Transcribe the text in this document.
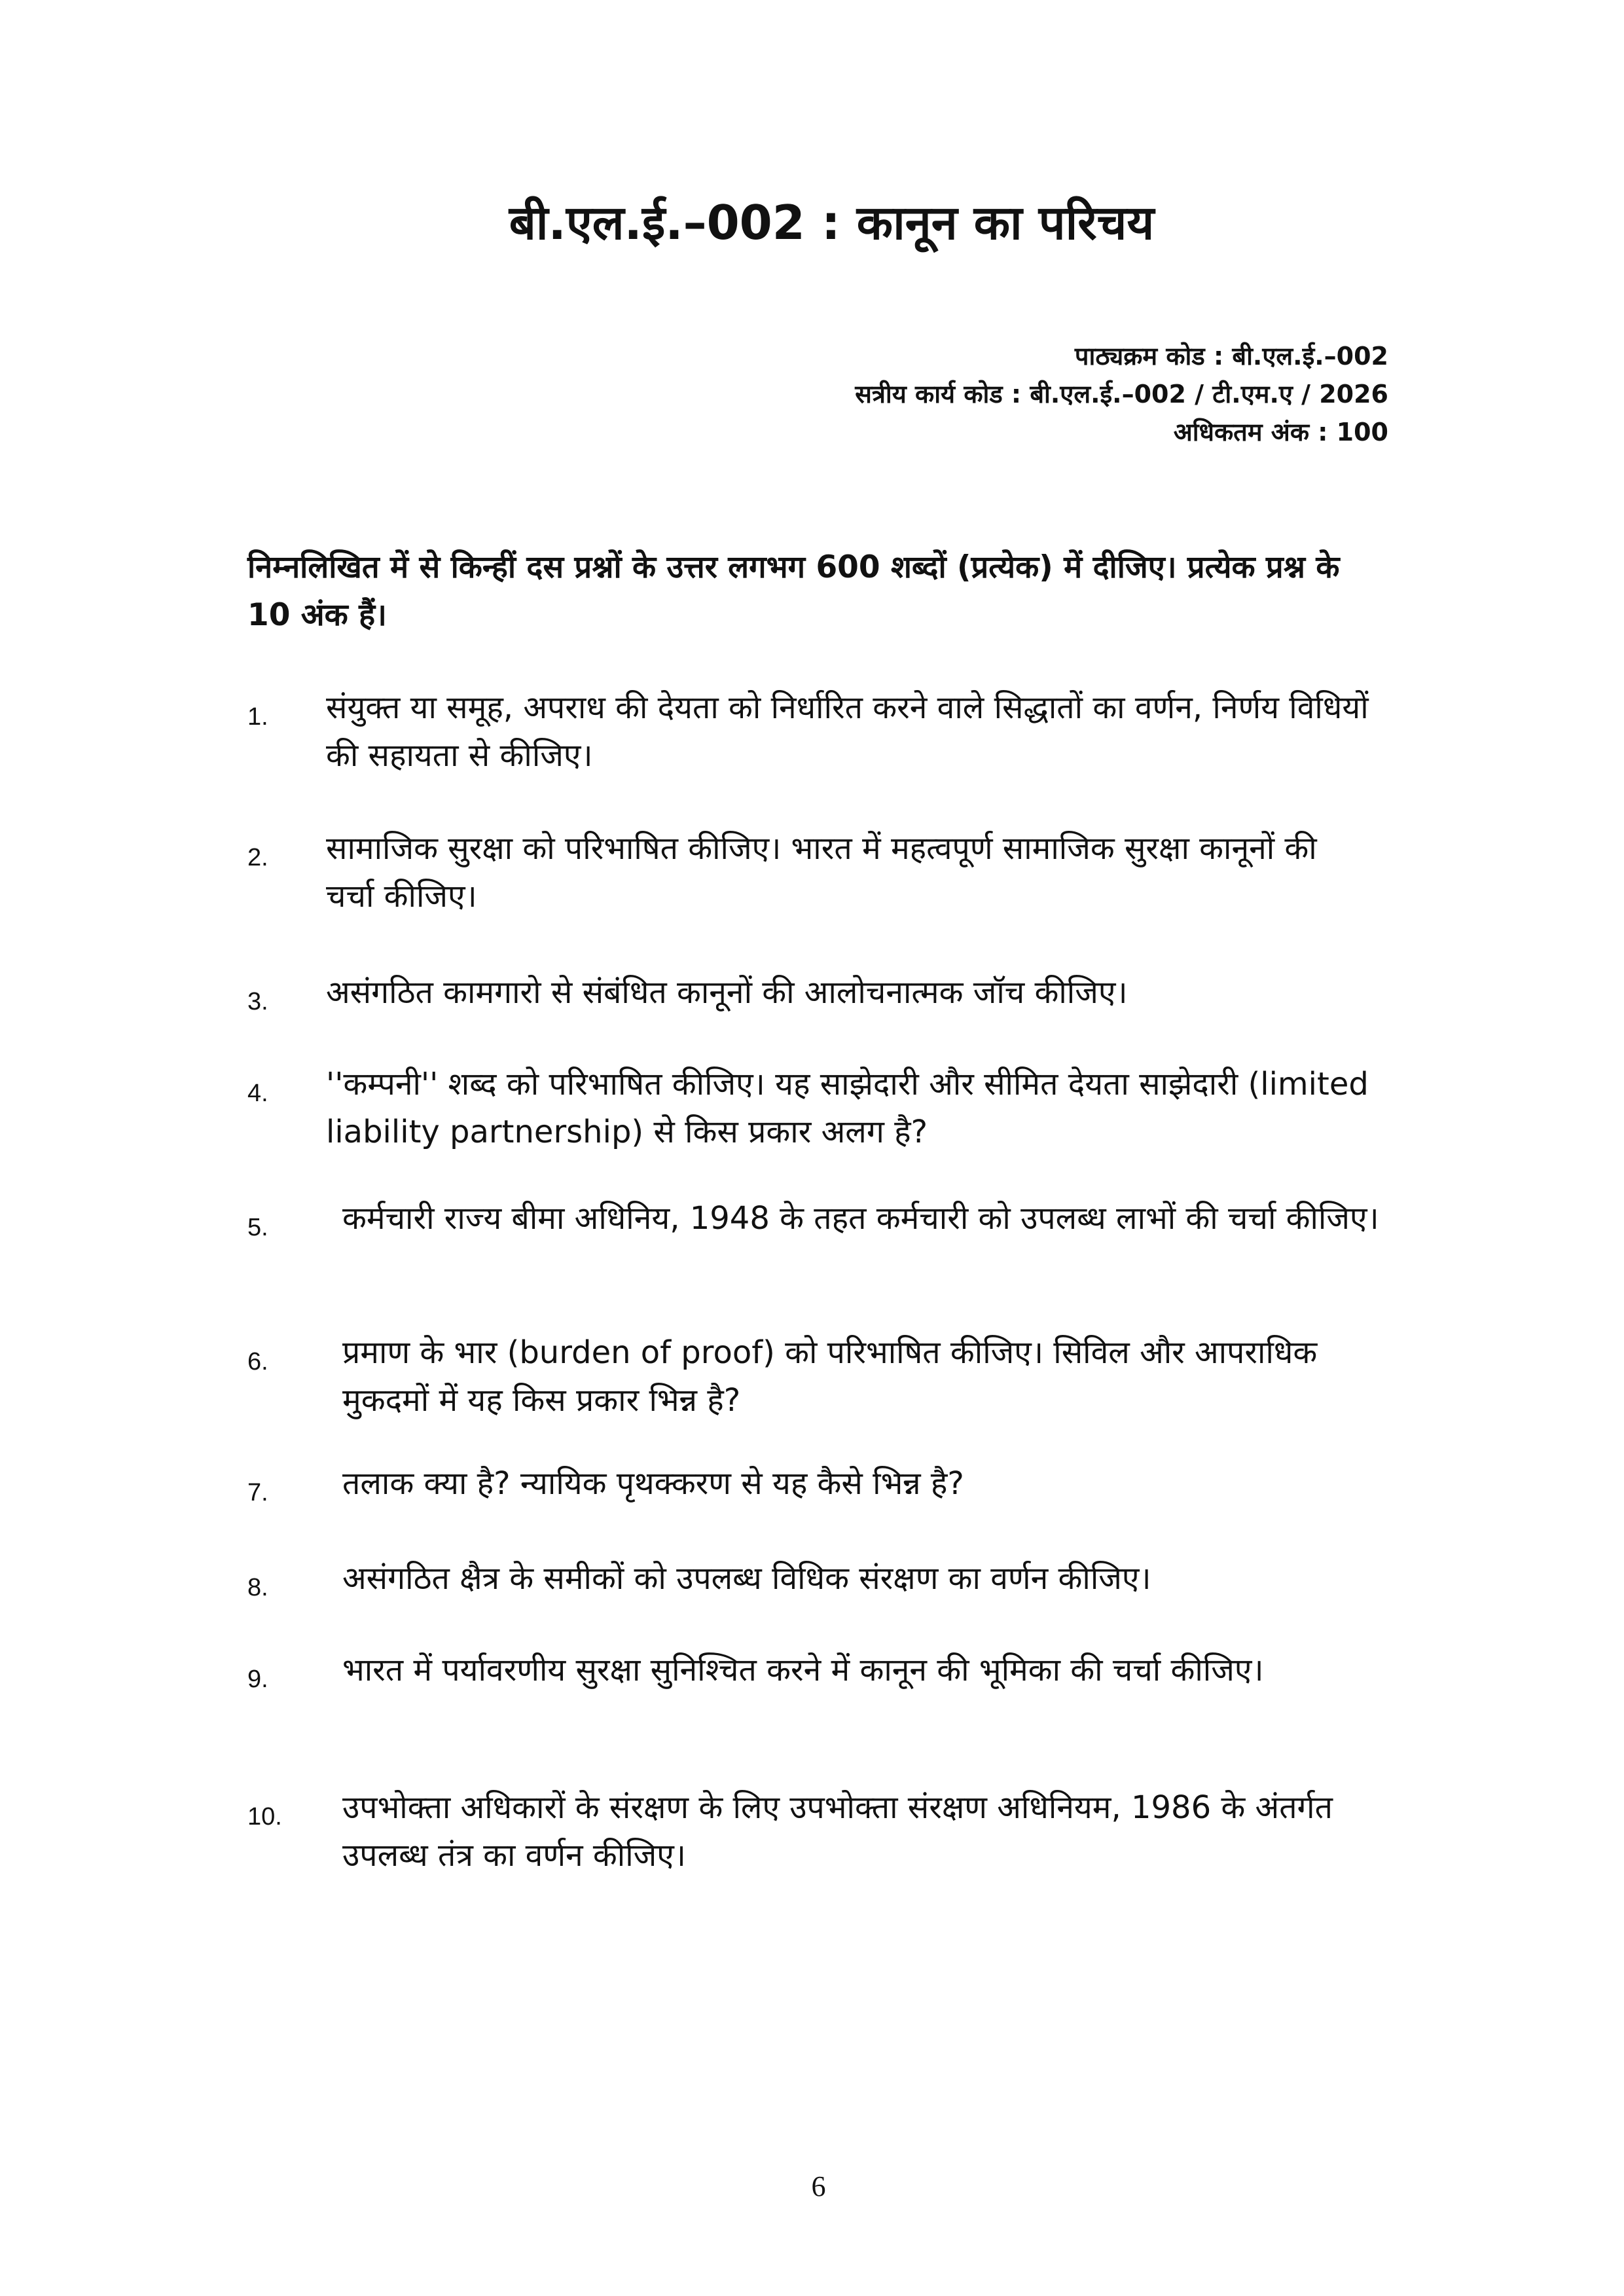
बी.एल.ई.–002 : कानून का परिचय
पाठ्यक्रम कोड : बी.एल.ई.–002
सत्रीय कार्य कोड : बी.एल.ई.–002 / टी.एम.ए / 2026
अधिकतम अंक : 100
निम्नलिखित में से किन्हीं दस प्रश्नों के उत्तर लगभग 600 शब्दों (प्रत्येक) में दीजिए। प्रत्येक प्रश्न के 10 अंक हैं।
1. संयुक्त या समूह, अपराध की देयता को निर्धारित करने वाले सिद्धातों का वर्णन, निर्णय विधियों की सहायता से कीजिए।
2. सामाजिक सुरक्षा को परिभाषित कीजिए। भारत में महत्वपूर्ण सामाजिक सुरक्षा कानूनों की चर्चा कीजिए।
3. असंगठित कामगारो से संबंधित कानूनों की आलोचनात्मक जॉच कीजिए।
4. ''कम्पनी'' शब्द को परिभाषित कीजिए। यह साझेदारी और सीमित देयता साझेदारी (limited liability partnership) से किस प्रकार अलग है?
5. कर्मचारी राज्य बीमा अधिनिय, 1948 के तहत कर्मचारी को उपलब्ध लाभों की चर्चा कीजिए।
6. प्रमाण के भार (burden of proof) को परिभाषित कीजिए। सिविल और आपराधिक मुकदमों में यह किस प्रकार भिन्न है?
7. तलाक क्या है? न्यायिक पृथक्करण से यह कैसे भिन्न है?
8. असंगठित क्षैत्र के समीकों को उपलब्ध विधिक संरक्षण का वर्णन कीजिए।
9. भारत में पर्यावरणीय सुरक्षा सुनिश्चित करने में कानून की भूमिका की चर्चा कीजिए।
10. उपभोक्ता अधिकारों के संरक्षण के लिए उपभोक्ता संरक्षण अधिनियम, 1986 के अंतर्गत उपलब्ध तंत्र का वर्णन कीजिए।
6
